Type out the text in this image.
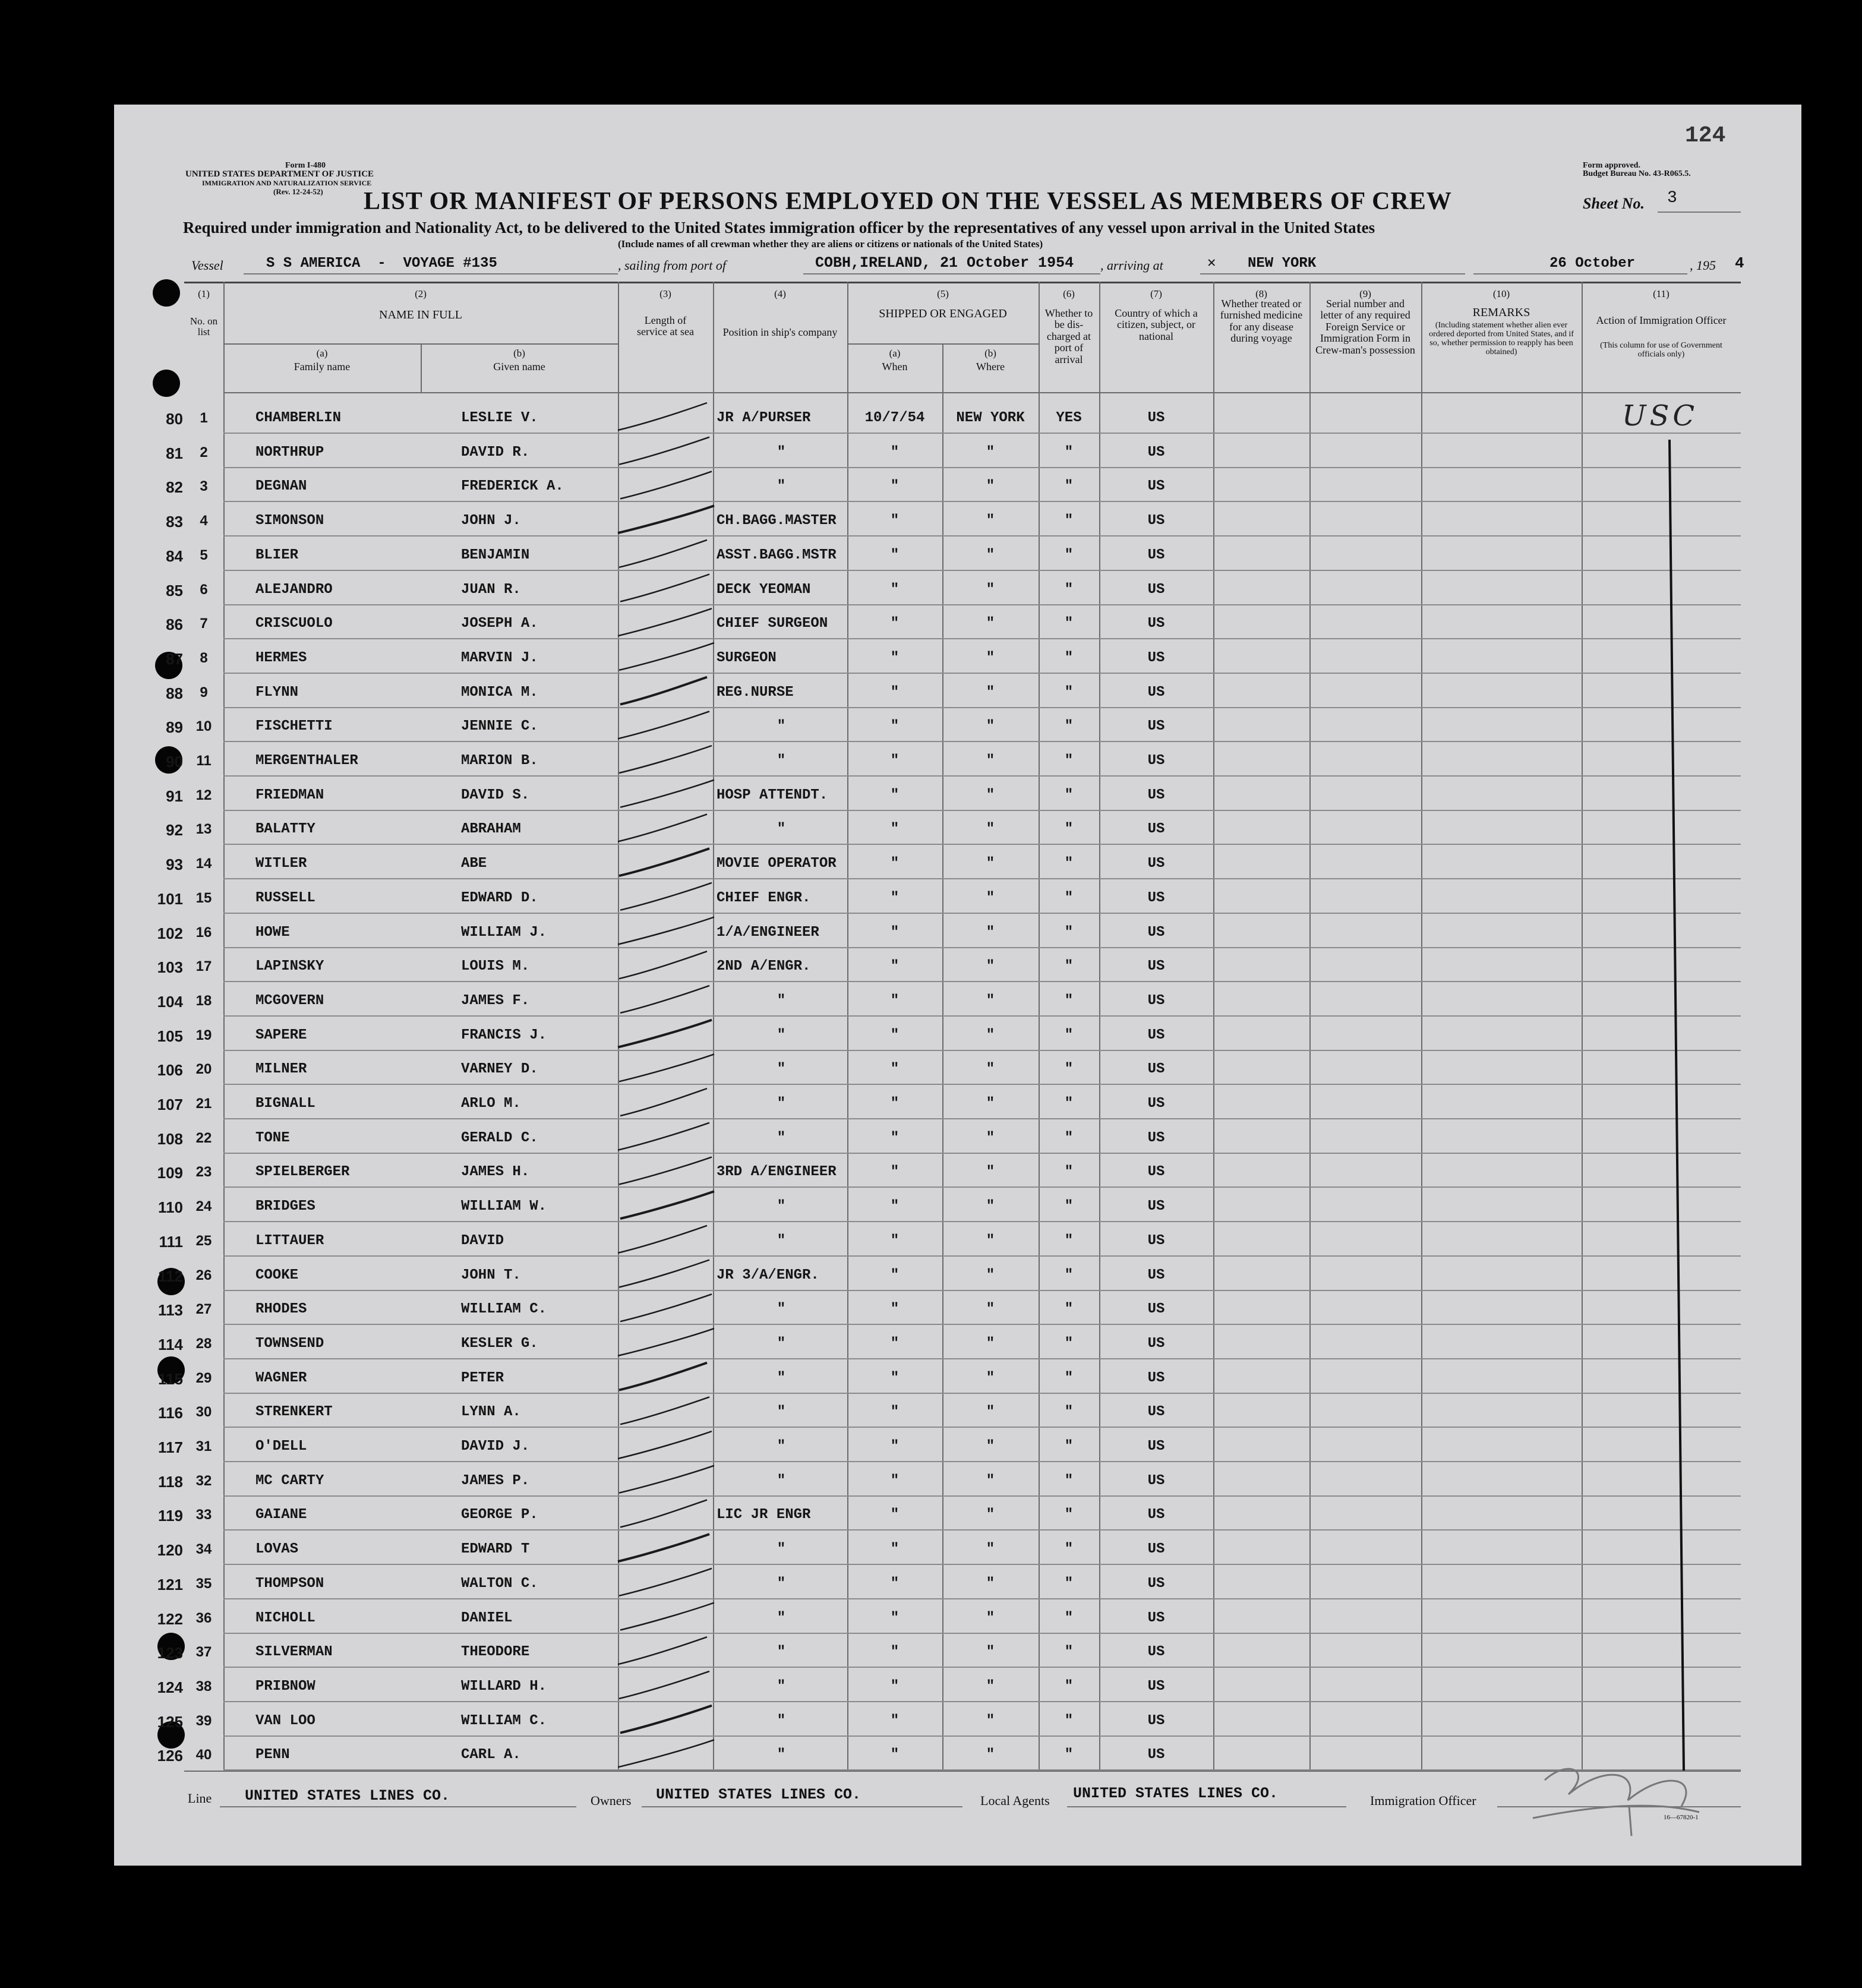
124
Form I-480
UNITED STATES DEPARTMENT OF JUSTICE
IMMIGRATION AND NATURALIZATION SERVICE
(Rev. 12-24-52)
Form approved.
Budget Bureau No. 43-R065.5.
LIST OR MANIFEST OF PERSONS EMPLOYED ON THE VESSEL AS MEMBERS OF CREW	Sheet No. 3
Required under immigration and Nationality Act, to be delivered to the United States immigration officer by the representatives of any vessel upon arrival in the United States
(Include names of all crewman whether they are aliens or citizens or nationals of the United States)
Vessel	S S AMERICA  -  VOYAGE #135	, sailing from port of	COBH,IRELAND, 21 October 1954 , arriving at	✕ NEW YORK	26 October	, 195 4
(1)
No. on list
(2)
NAME IN FULL
(a)
Family name
(b)
Given name
(3)
Length of service at sea
(4)
Position in ship's company
(5)
SHIPPED OR ENGAGED
(a)
When
(b)
Where
(6)
Whether to be dis-charged at port of arrival
(7)
Country of which a citizen, subject, or national
(8)
Whether treated or furnished medicine for any disease during voyage
(9)
Serial number and letter of any required Foreign Service or Immigration Form in Crew-man's possession
(10)
REMARKS
(Including statement whether alien ever ordered deported from United States, and if so, whether permission to reapply has been obtained)
(11)
Action of Immigration Officer
(This column for use of Government officials only)
80	1	CHAMBERLIN	LESLIE V.	JR A/PURSER	10/7/54	NEW YORK	YES	US
81	2	NORTHRUP	DAVID R.	"	"	"	"	US
82	3	DEGNAN	FREDERICK A.	"	"	"	"	US
83	4	SIMONSON	JOHN J.	CH.BAGG.MASTER	"	"	"	US
84	5	BLIER	BENJAMIN	ASST.BAGG.MSTR	"	"	"	US
85	6	ALEJANDRO	JUAN R.	DECK YEOMAN	"	"	"	US
86	7	CRISCUOLO	JOSEPH A.	CHIEF SURGEON	"	"	"	US
87	8	HERMES	MARVIN J.	SURGEON	"	"	"	US
88	9	FLYNN	MONICA M.	REG.NURSE	"	"	"	US
89 10	FISCHETTI	JENNIE C.	"	"	"	"	US
90 11	MERGENTHALER	MARION B.	"	"	"	"	US
91 12	FRIEDMAN	DAVID S.	HOSP ATTENDT.	"	"	"	US
92 13	BALATTY	ABRAHAM	"	"	"	"	US
93 14	WITLER	ABE	MOVIE OPERATOR	"	"	"	US
101 15	RUSSELL	EDWARD D.	CHIEF ENGR.	"	"	"	US
102 16	HOWE	WILLIAM J.	1/A/ENGINEER	"	"	"	US
103 17	LAPINSKY	LOUIS M.	2ND A/ENGR.	"	"	"	US
104 18	MCGOVERN	JAMES F.	"	"	"	"	US
105 19	SAPERE	FRANCIS J.	"	"	"	"	US
106 20	MILNER	VARNEY D.	"	"	"	"	US
107 21	BIGNALL	ARLO M.	"	"	"	"	US
108 22	TONE	GERALD C.	"	"	"	"	US
109 23	SPIELBERGER	JAMES H.	3RD A/ENGINEER	"	"	"	US
110 24	BRIDGES	WILLIAM W.	"	"	"	"	US
111 25	LITTAUER	DAVID	"	"	"	"	US
112 26	COOKE	JOHN T.	JR 3/A/ENGR.	"	"	"	US
113 27	RHODES	WILLIAM C.	"	"	"	"	US
114 28	TOWNSEND	KESLER G.	"	"	"	"	US
115 29	WAGNER	PETER	"	"	"	"	US
116 30	STRENKERT	LYNN A.	"	"	"	"	US
117 31	O'DELL	DAVID J.	"	"	"	"	US
118 32	MC CARTY	JAMES P.	"	"	"	"	US
119 33	GAIANE	GEORGE P.	LIC JR ENGR	"	"	"	US
120 34	LOVAS	EDWARD T	"	"	"	"	US
121 35	THOMPSON	WALTON C.	"	"	"	"	US
122 36	NICHOLL	DANIEL	"	"	"	"	US
123 37	SILVERMAN	THEODORE	"	"	"	"	US
124 38	PRIBNOW	WILLARD H.	"	"	"	"	US
125 39	VAN LOO	WILLIAM C.	"	"	"	"	US
126 40	PENN	CARL A.	"	"	"	"	US
USC
Line UNITED STATES LINES CO.	Owners UNITED STATES LINES CO.	Local Agents UNITED STATES LINES CO.	Immigration Officer
16—67820-1
